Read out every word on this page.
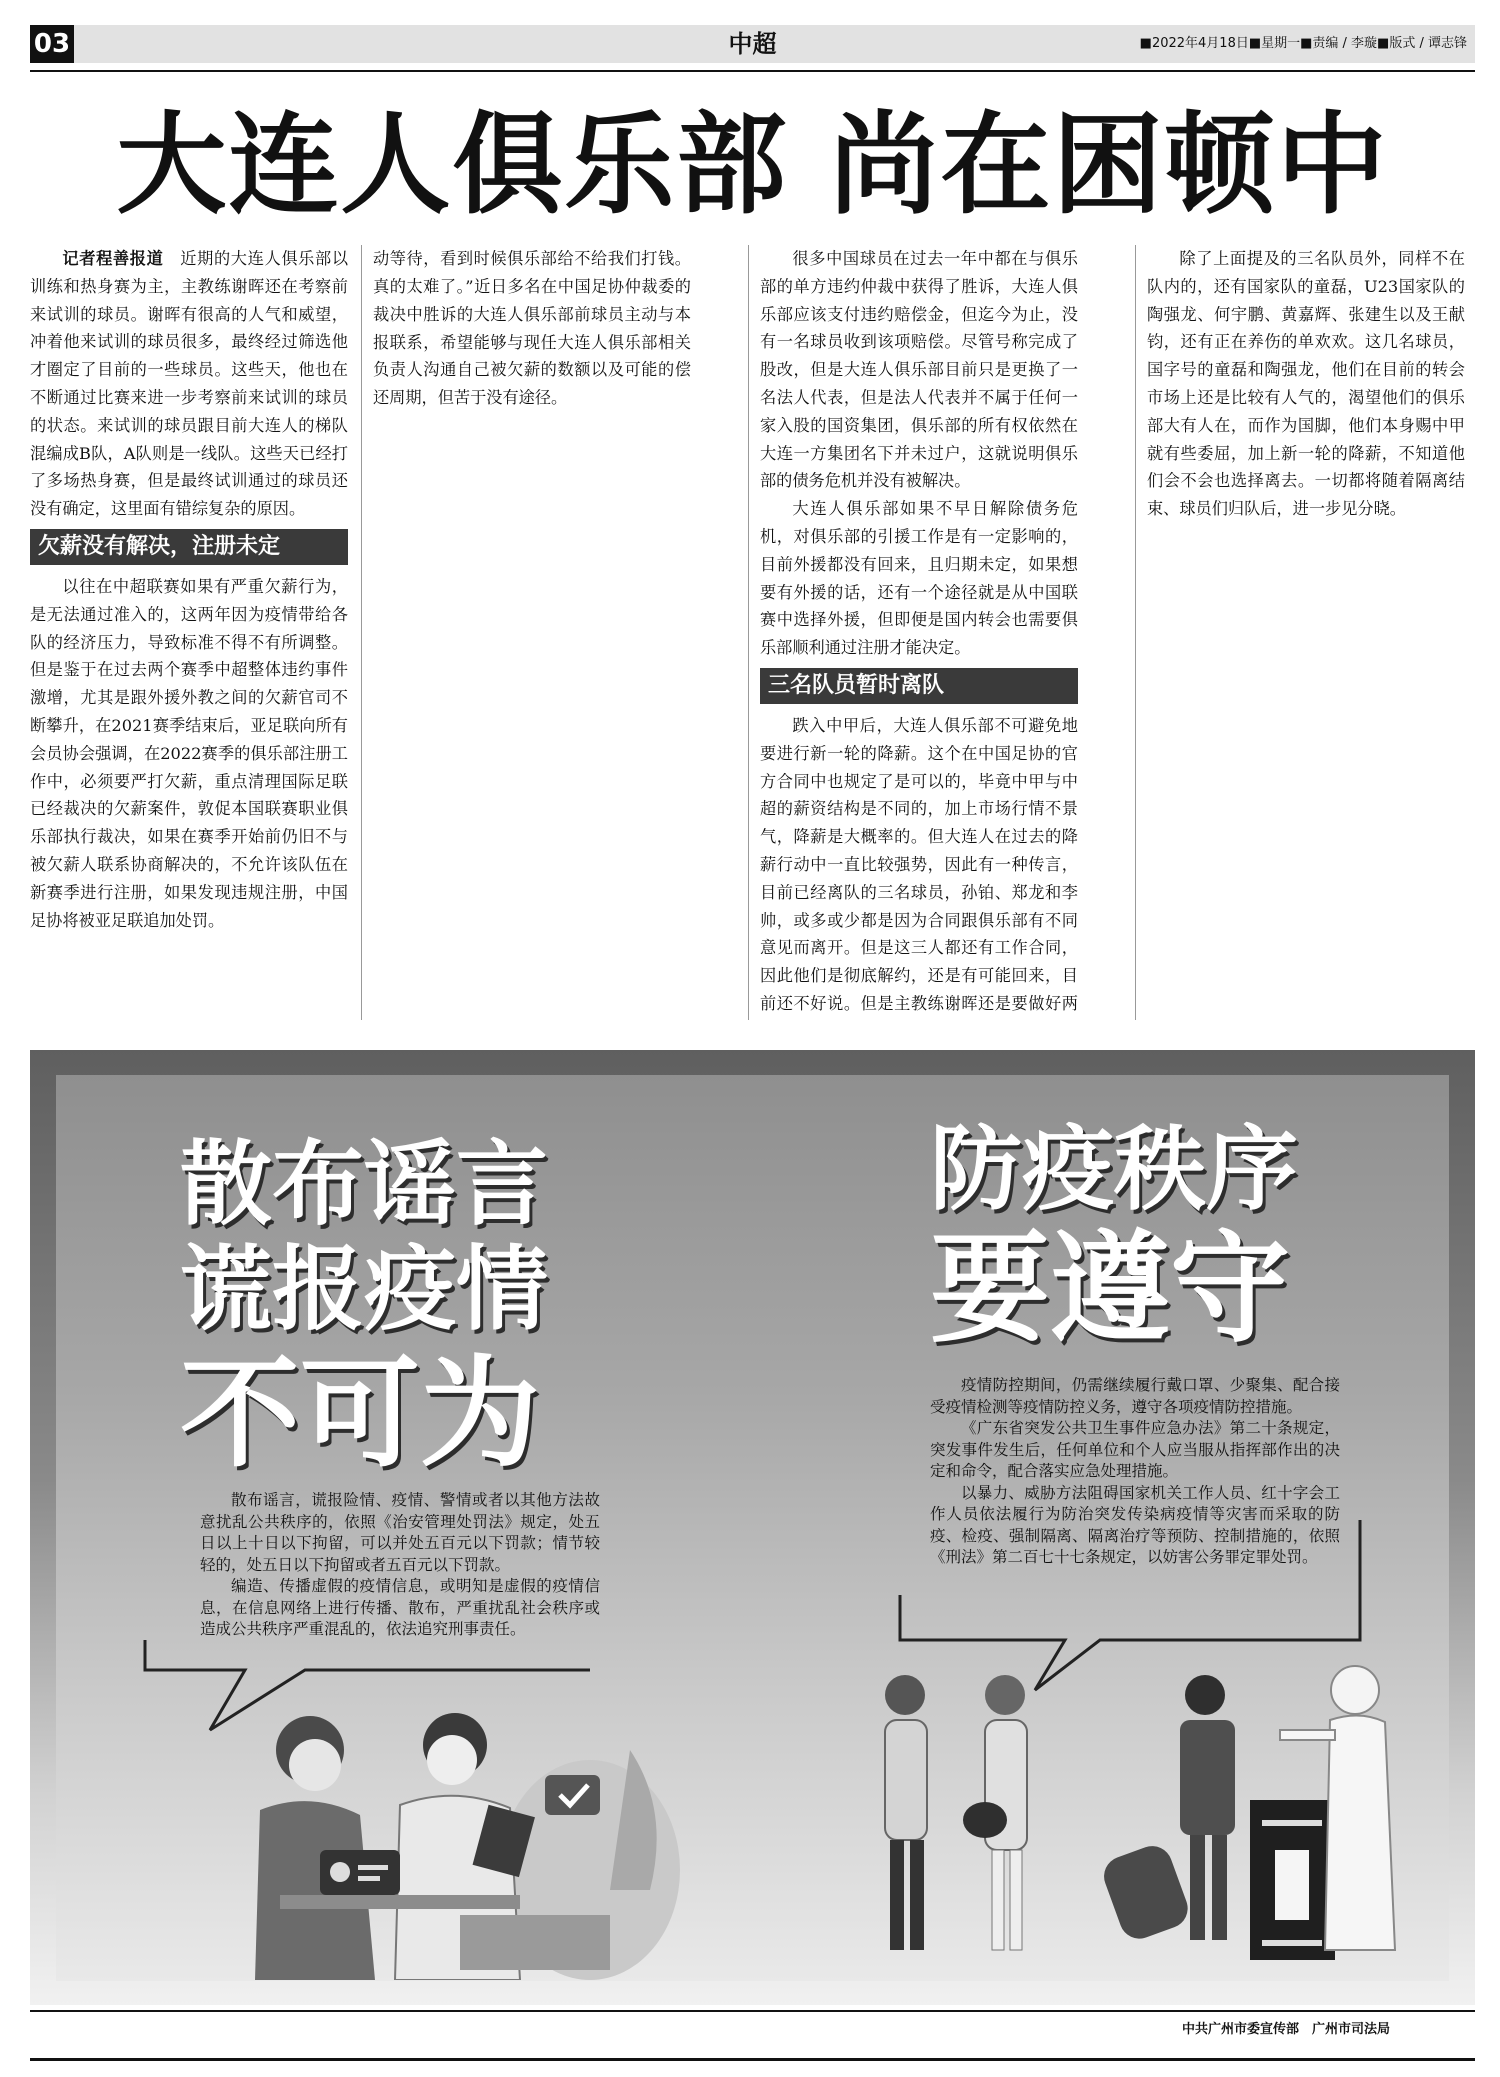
中超
03	■2022年4月18日■星期一■责编 / 李璇■版式 / 谭志锋
大连人俱乐部 尚在困顿中

记者程善报道　 近期的大连人俱乐部以训练和热身赛为主，主教练谢晖还在考察前来试训的球员。谢晖有很高的人气和威望，冲着他来试训的球员很多，最终经过筛选他才圈定了目前的一些球员。这些天，他也在不断通过比赛来进一步考察前来试训的球员的状态。来试训的球员跟目前大连人的梯队混编成B队，A队则是一线队。这些天已经打了多场热身赛，但是最终试训通过的球员还没有确定，这里面有错综复杂的原因。

欠薪没有解决，注册未定

以往在中超联赛如果有严重欠薪行为，是无法通过准入的，这两年因为疫情带给各队的经济压力，导致标准不得不有所调整。但是鉴于在过去两个赛季中超整体违约事件激增，尤其是跟外援外教之间的欠薪官司不断攀升，在2021赛季结束后，亚足联向所有会员协会强调，在2022赛季的俱乐部注册工作中，必须要严打欠薪，重点清理国际足联已经裁决的欠薪案件，敦促本国联赛职业俱乐部执行裁决，如果在赛季开始前仍旧不与被欠薪人联系协商解决的，不允许该队伍在新赛季进行注册，如果发现违规注册，中国足协将被亚足联追加处罚。

动等待，看到时候俱乐部给不给我们打钱。真的太难了。”近日多名在中国足协仲裁委的裁决中胜诉的大连人俱乐部前球员主动与本报联系，希望能够与现任大连人俱乐部相关负责人沟通自己被欠薪的数额以及可能的偿还周期，但苦于没有途径。

很多中国球员在过去一年中都在与俱乐部的单方违约仲裁中获得了胜诉，大连人俱乐部应该支付违约赔偿金，但迄今为止，没有一名球员收到该项赔偿。尽管号称完成了股改，但是大连人俱乐部目前只是更换了一名法人代表，但是法人代表并不属于任何一家入股的国资集团，俱乐部的所有权依然在大连一方集团名下并未过户，这就说明俱乐部的债务危机并没有被解决。

大连人俱乐部如果不早日解除债务危机，对俱乐部的引援工作是有一定影响的，目前外援都没有回来，且归期未定，如果想要有外援的话，还有一个途径就是从中国联赛中选择外援，但即便是国内转会也需要俱乐部顺利通过注册才能决定。

三名队员暂时离队

跌入中甲后，大连人俱乐部不可避免地要进行新一轮的降薪。这个在中国足协的官方合同中也规定了是可以的，毕竟中甲与中超的薪资结构是不同的，加上市场行情不景气，降薪是大概率的。但大连人在过去的降薪行动中一直比较强势，因此有一种传言，目前已经离队的三名球员，孙铂、郑龙和李帅，或多或少都是因为合同跟俱乐部有不同意见而离开。但是这三人都还有工作合同，因此他们是彻底解约，还是有可能回来，目前还不好说。但是主教练谢晖还是要做好两

除了上面提及的三名队员外，同样不在队内的，还有国家队的童磊，U23国家队的陶强龙、何宇鹏、黄嘉辉、张建生以及王献钧，还有正在养伤的单欢欢。这几名球员，国字号的童磊和陶强龙，他们在目前的转会市场上还是比较有人气的，渴望他们的俱乐部大有人在，而作为国脚，他们本身赐中甲就有些委屈，加上新一轮的降薪，不知道他们会不会也选择离去。一切都将随着隔离结束、球员们归队后，进一步见分晓。

散布谣言
谎报疫情
不可为
防疫秩序
要遵守

散布谣言，谎报险情、疫情、警情或者以其他方法故意扰乱公共秩序的，依照《治安管理处罚法》规定，处五日以上十日以下拘留，可以并处五百元以下罚款；情节较轻的，处五日以下拘留或者五百元以下罚款。

编造、传播虚假的疫情信息，或明知是虚假的疫情信息，在信息网络上进行传播、散布，严重扰乱社会秩序或造成公共秩序严重混乱的，依法追究刑事责任。

疫情防控期间，仍需继续履行戴口罩、少聚集、配合接受疫情检测等疫情防控义务，遵守各项疫情防控措施。

《广东省突发公共卫生事件应急办法》第二十条规定，突发事件发生后，任何单位和个人应当服从指挥部作出的决定和命令，配合落实应急处理措施。

以暴力、威胁方法阻碍国家机关工作人员、红十字会工作人员依法履行为防治突发传染病疫情等灾害而采取的防疫、检疫、强制隔离、隔离治疗等预防、控制措施的，依照《刑法》第二百七十七条规定，以妨害公务罪定罪处罚。

中共广州市委宣传部　广州市司法局
